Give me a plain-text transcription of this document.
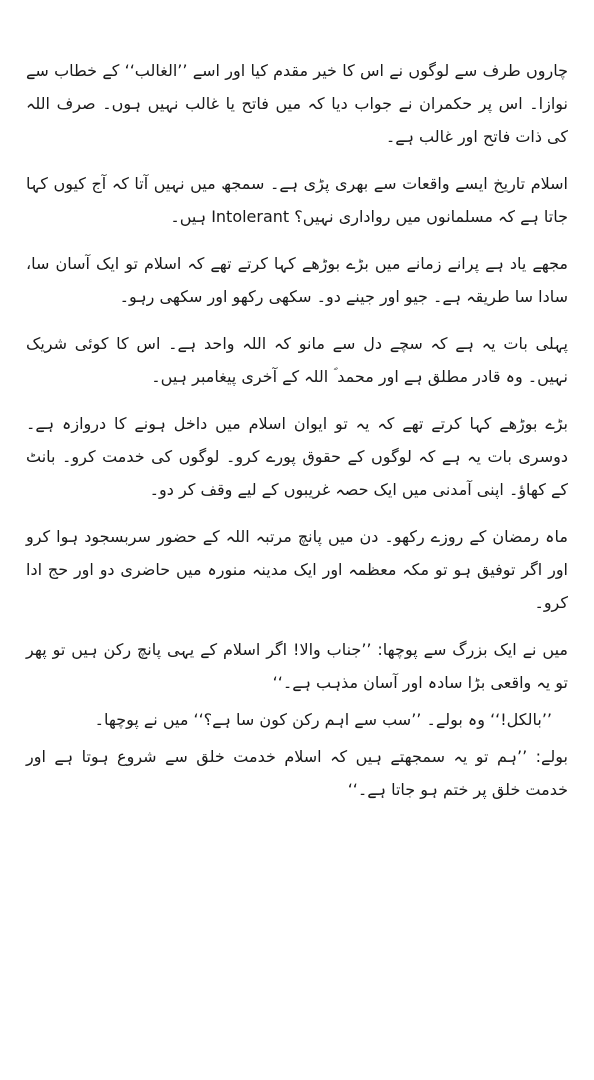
چاروں طرف سے لوگوں نے اس کا خیر مقدم کیا اور اسے ’’الغالب‘‘ کے خطاب سے نوازا۔ اس پر حکمران نے جواب دیا کہ میں فاتح یا غالب نہیں ہوں۔ صرف اللہ کی ذات فاتح اور غالب ہے۔

اسلام تاریخ ایسے واقعات سے بھری پڑی ہے۔ سمجھ میں نہیں آتا کہ آج کیوں کہا جاتا ہے کہ مسلمانوں میں رواداری نہیں؟ Intolerant ہیں۔

مجھے یاد ہے پرانے زمانے میں بڑے بوڑھے کہا کرتے تھے کہ اسلام تو ایک آسان سا، سادا سا طریقہ ہے۔ جیو اور جینے دو۔ سکھی رکھو اور سکھی رہو۔

پہلی بات یہ ہے کہ سچے دل سے مانو کہ اللہ واحد ہے۔ اس کا کوئی شریک نہیں۔ وہ قادر مطلق ہے اور محمد ؐ اللہ کے آخری پیغامبر ہیں۔

بڑے بوڑھے کہا کرتے تھے کہ یہ تو ایوان اسلام میں داخل ہونے کا دروازہ ہے۔ دوسری بات یہ ہے کہ لوگوں کے حقوق پورے کرو۔ لوگوں کی خدمت کرو۔ بانٹ کے کھاؤ۔ اپنی آمدنی میں ایک حصہ غریبوں کے لیے وقف کر دو۔

ماہ رمضان کے روزے رکھو۔ دن میں پانچ مرتبہ اللہ کے حضور سربسجود ہوا کرو اور اگر توفیق ہو تو مکہ معظمہ اور ایک مدینہ منورہ میں حاضری دو اور حج ادا کرو۔

میں نے ایک بزرگ سے پوچھا: ’’جناب والا! اگر اسلام کے یہی پانچ رکن ہیں تو پھر تو یہ واقعی بڑا سادہ اور آسان مذہب ہے۔‘‘

’’بالکل!‘‘ وہ بولے۔ ’’سب سے اہم رکن کون سا ہے؟‘‘ میں نے پوچھا۔

بولے: ’’ہم تو یہ سمجھتے ہیں کہ اسلام خدمت خلق سے شروع ہوتا ہے اور خدمت خلق پر ختم ہو جاتا ہے۔‘‘
